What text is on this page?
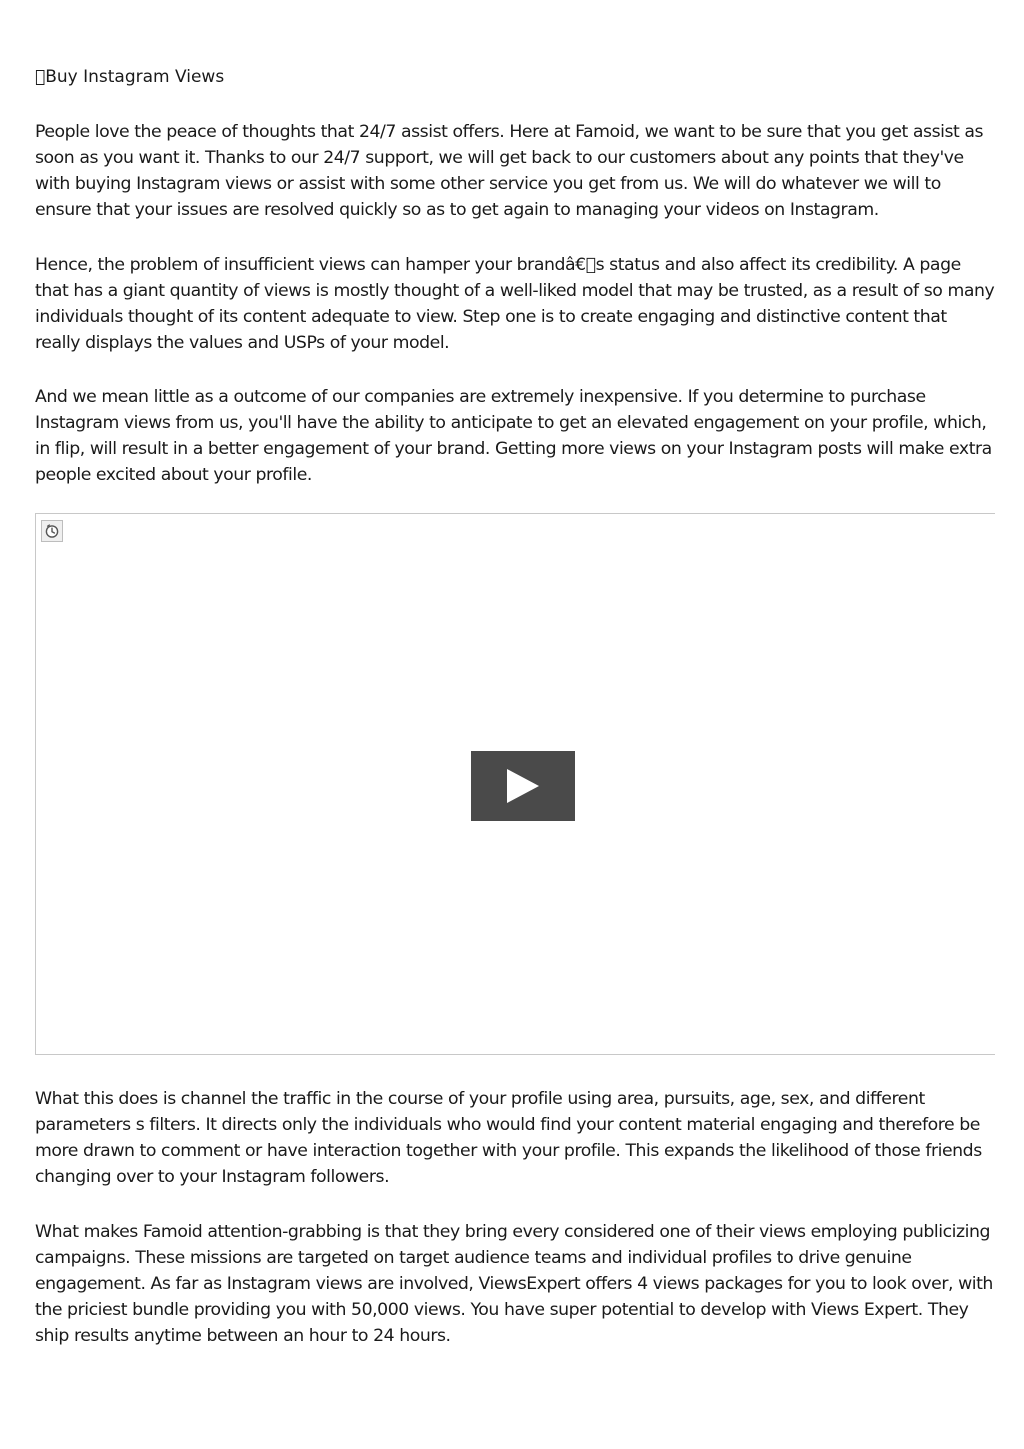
 Buy Instagram Views

People love the peace of thoughts that 24/7 assist offers. Here at Famoid, we want to be sure that you get assist as soon as you want it. Thanks to our 24/7 support, we will get back to our customers about any points that they've with buying Instagram views or assist with some other service you get from us. We will do whatever we will to ensure that your issues are resolved quickly so as to get again to managing your videos on Instagram.

Hence, the problem of insufficient views can hamper your brandâ€ s status and also affect its credibility. A page that has a giant quantity of views is mostly thought of a well-liked model that may be trusted, as a result of so many individuals thought of its content adequate to view. Step one is to create engaging and distinctive content that really displays the values and USPs of your model.

And we mean little as a outcome of our companies are extremely inexpensive. If you determine to purchase Instagram views from us, you'll have the ability to anticipate to get an elevated engagement on your profile, which, in flip, will result in a better engagement of your brand. Getting more views on your Instagram posts will make extra people excited about your profile.

What this does is channel the traffic in the course of your profile using area, pursuits, age, sex, and different parameters s filters. It directs only the individuals who would find your content material engaging and therefore be more drawn to comment or have interaction together with your profile. This expands the likelihood of those friends changing over to your Instagram followers.

What makes Famoid attention-grabbing is that they bring every considered one of their views employing publicizing campaigns. These missions are targeted on target audience teams and individual profiles to drive genuine engagement. As far as Instagram views are involved, ViewsExpert offers 4 views packages for you to look over, with the priciest bundle providing you with 50,000 views. You have super potential to develop with Views Expert. They ship results anytime between an hour to 24 hours.
